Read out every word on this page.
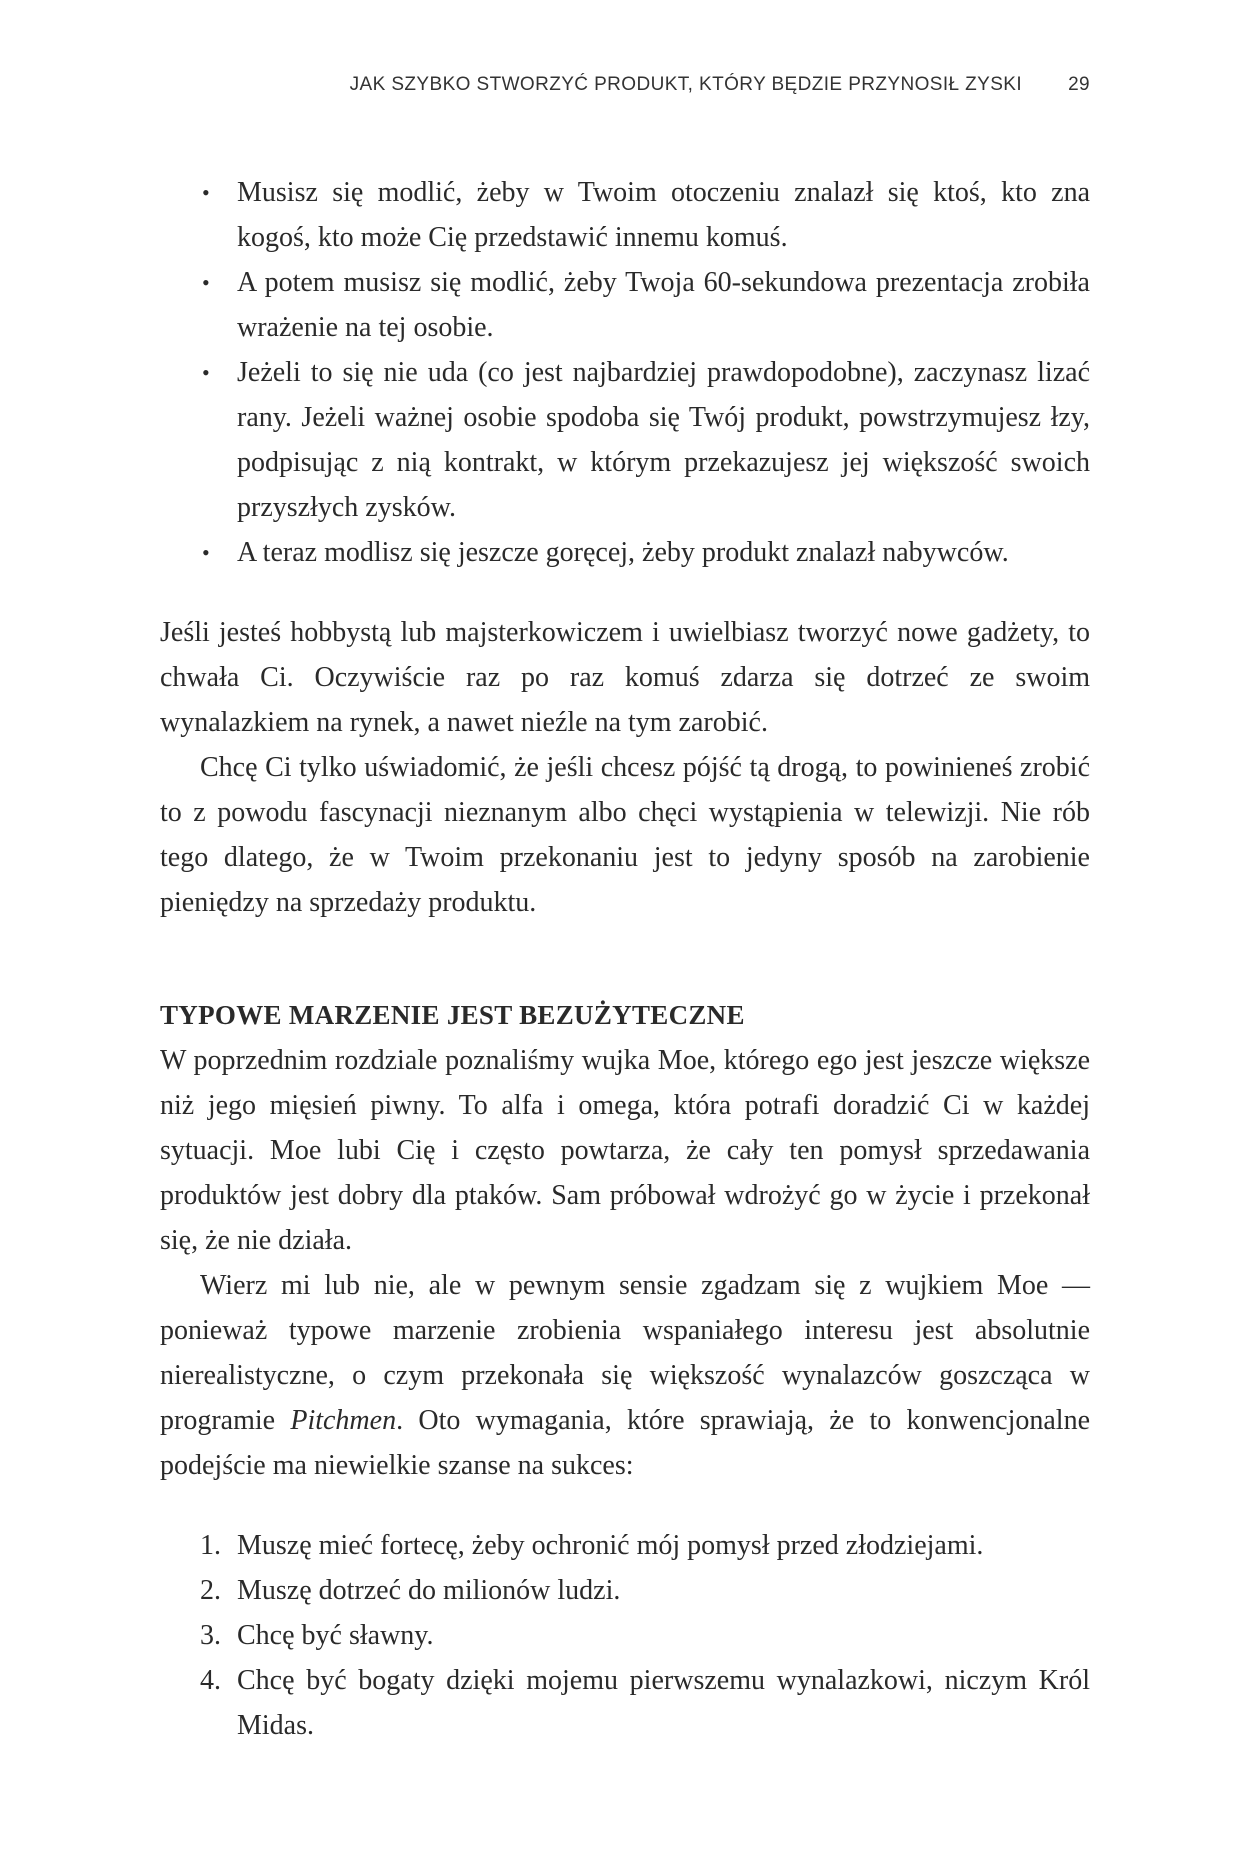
JAK SZYBKO STWORZYĆ PRODUKT, KTÓRY BĘDZIE PRZYNOSIŁ ZYSKI 29
• Musisz się modlić, żeby w Twoim otoczeniu znalazł się ktoś, kto zna kogoś, kto może Cię przedstawić innemu komuś.
• A potem musisz się modlić, żeby Twoja 60-sekundowa prezentacja zrobiła wrażenie na tej osobie.
• Jeżeli to się nie uda (co jest najbardziej prawdopodobne), zaczynasz lizać rany. Jeżeli ważnej osobie spodoba się Twój produkt, powstrzymujesz łzy, podpisując z nią kontrakt, w którym przekazujesz jej większość swoich przyszłych zysków.
• A teraz modlisz się jeszcze goręcej, żeby produkt znalazł nabywców.

Jeśli jesteś hobbystą lub majsterkowiczem i uwielbiasz tworzyć nowe gadżety, to chwała Ci. Oczywiście raz po raz komuś zdarza się dotrzeć ze swoim wynalazkiem na rynek, a nawet nieźle na tym zarobić.

Chcę Ci tylko uświadomić, że jeśli chcesz pójść tą drogą, to powinieneś zrobić to z powodu fascynacji nieznanym albo chęci wystąpienia w telewizji. Nie rób tego dlatego, że w Twoim przekonaniu jest to jedyny sposób na zarobienie pieniędzy na sprzedaży produktu.

TYPOWE MARZENIE JEST BEZUŻYTECZNE

W poprzednim rozdziale poznaliśmy wujka Moe, którego ego jest jeszcze większe niż jego mięsień piwny. To alfa i omega, która potrafi doradzić Ci w każdej sytuacji. Moe lubi Cię i często powtarza, że cały ten pomysł sprzedawania produktów jest dobry dla ptaków. Sam próbował wdrożyć go w życie i przekonał się, że nie działa.

Wierz mi lub nie, ale w pewnym sensie zgadzam się z wujkiem Moe — ponieważ typowe marzenie zrobienia wspaniałego interesu jest absolutnie nierealistyczne, o czym przekonała się większość wynalazców goszcząca w programie Pitchmen. Oto wymagania, które sprawiają, że to konwencjonalne podejście ma niewielkie szanse na sukces:

1. Muszę mieć fortecę, żeby ochronić mój pomysł przed złodziejami.
2. Muszę dotrzeć do milionów ludzi.
3. Chcę być sławny.
4. Chcę być bogaty dzięki mojemu pierwszemu wynalazkowi, niczym Król Midas.
